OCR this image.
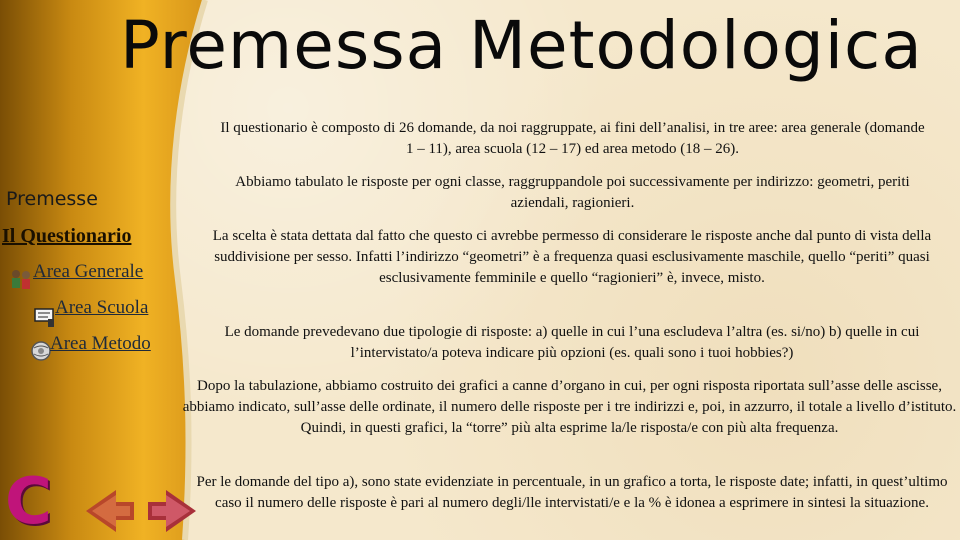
Premessa Metodologica
Premesse
Il Questionario
Area Generale
Area Scuola
Area Metodo
C

Il questionario è composto di 26 domande, da noi raggruppate, ai fini dell’analisi, in tre aree: area generale (domande 1 – 11), area scuola (12 – 17) ed area metodo (18 – 26).

Abbiamo tabulato le risposte per ogni classe, raggruppandole poi successivamente per indirizzo: geometri, periti aziendali, ragionieri.

La scelta è stata dettata dal fatto che questo ci avrebbe permesso di considerare le risposte anche dal punto di vista della suddivisione per sesso. Infatti l’indirizzo “geometri” è a frequenza quasi esclusivamente maschile, quello “periti” quasi esclusivamente femminile e quello “ragionieri” è, invece, misto.

Le domande prevedevano due tipologie di risposte: a) quelle in cui l’una escludeva l’altra (es. si/no) b) quelle in cui l’intervistato/a poteva indicare più opzioni (es. quali sono i tuoi hobbies?)

Dopo la tabulazione, abbiamo costruito dei grafici a canne d’organo in cui, per ogni risposta riportata sull’asse delle ascisse, abbiamo indicato, sull’asse delle ordinate, il numero delle risposte per i tre indirizzi e, poi, in azzurro, il totale a livello d’istituto. Quindi, in questi grafici, la “torre” più alta esprime la/le risposta/e con più alta frequenza.

Per le domande del tipo a), sono state evidenziate in percentuale, in un grafico a torta, le risposte date; infatti, in quest’ultimo caso il numero delle risposte è pari al numero degli/lle intervistati/e e la % è idonea a esprimere in sintesi la situazione.
